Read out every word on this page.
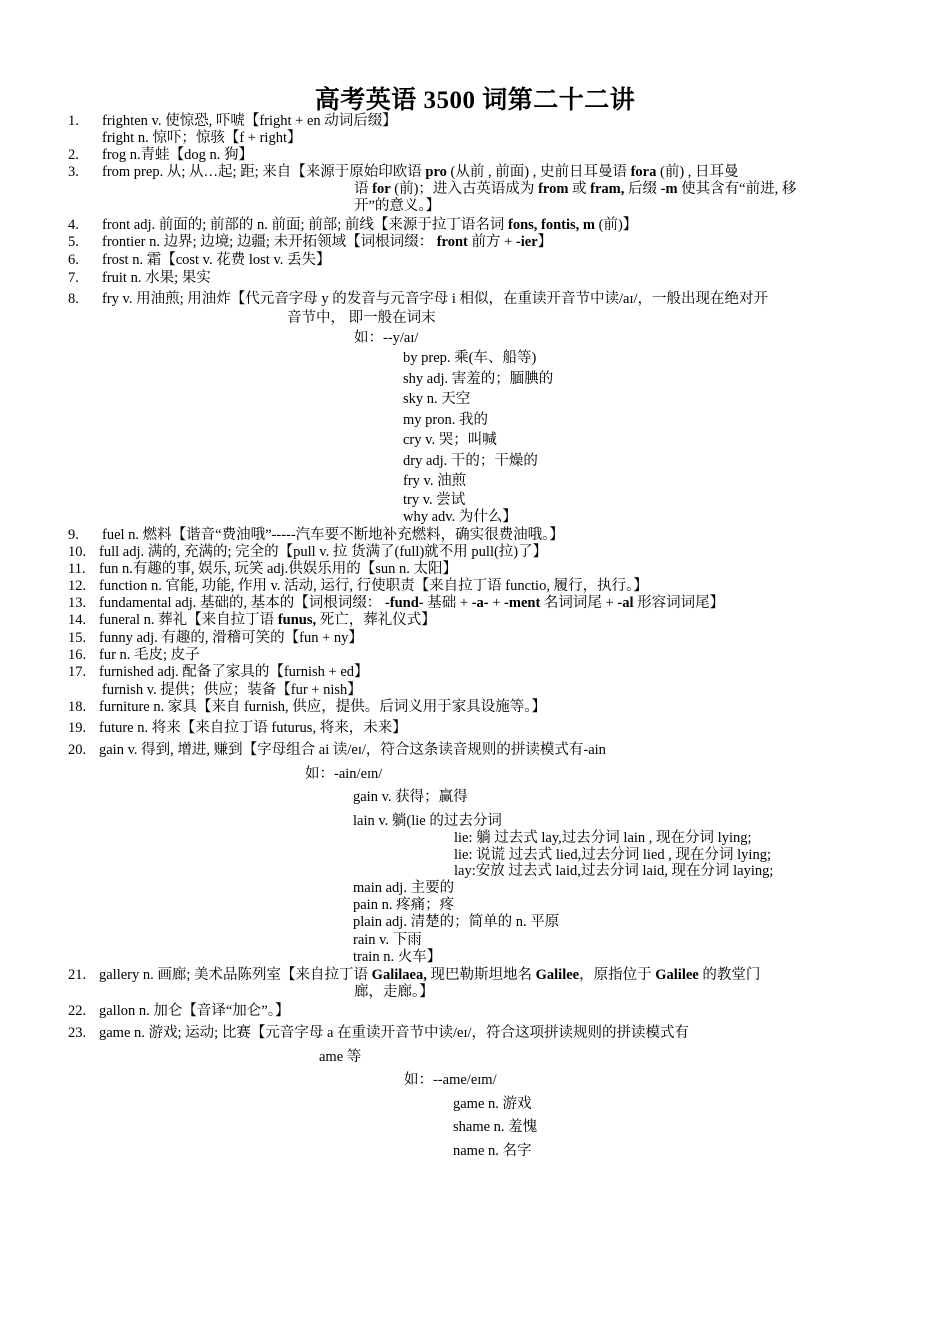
高考英语 3500 词第二十二讲
1. frighten v. 使惊恐, 吓唬【fright + en 动词后缀】
fright n. 惊吓；惊骇【f + right】
2. frog n.青蛙【dog n. 狗】
3. from prep. 从; 从…起; 距; 来自【来源于原始印欧语 pro (从前 , 前面) , 史前日耳曼语 fora (前) , 日耳曼
语 for (前)；进入古英语成为 from 或 fram, 后缀 -m 使其含有“前进, 移
开”的意义。】
4. front adj. 前面的; 前部的 n. 前面; 前部; 前线【来源于拉丁语名词 fons, fontis, m (前)】
5. frontier n. 边界; 边境; 边疆; 未开拓领域【词根词缀： front 前方 + -ier】
6. frost n. 霜【cost v. 花费 lost v. 丢失】
7. fruit n. 水果; 果实
8. fry v. 用油煎; 用油炸【代元音字母 y 的发音与元音字母 i 相似，在重读开音节中读/aɪ/，一般出现在绝对开
音节中， 即一般在词末
如：--y/aɪ/
by prep. 乘(车、船等)
shy adj. 害羞的；腼腆的
sky n. 天空
my pron. 我的
cry v. 哭；叫喊
dry adj. 干的；干燥的
fry v. 油煎
try v. 尝试
why adv. 为什么】
9. fuel n. 燃料【谐音“费油哦”-----汽车要不断地补充燃料，确实很费油哦。】
10. full adj. 满的, 充满的; 完全的【pull v. 拉 货满了(full)就不用 pull(拉)了】
11. fun n.有趣的事, 娱乐, 玩笑 adj.供娱乐用的【sun n. 太阳】
12. function n. 官能, 功能, 作用 v. 活动, 运行, 行使职责【来自拉丁语 functio, 履行，执行。】
13. fundamental adj. 基础的, 基本的【词根词缀： -fund- 基础 + -a- + -ment 名词词尾 + -al 形容词词尾】
14. funeral n. 葬礼【来自拉丁语 funus, 死亡，葬礼仪式】
15. funny adj. 有趣的, 滑稽可笑的【fun + ny】
16. fur n. 毛皮; 皮子
17. furnished adj. 配备了家具的【furnish + ed】
furnish v. 提供；供应；装备【fur + nish】
18. furniture n. 家具【来自 furnish, 供应，提供。后词义用于家具设施等。】
19. future n. 将来【来自拉丁语 futurus, 将来，未来】
20. gain v. 得到, 增进, 赚到【字母组合 ai 读/eɪ/，符合这条读音规则的拼读模式有-ain
如：-ain/eɪn/
gain v. 获得；赢得
lain v. 躺(lie 的过去分词
lie: 躺 过去式 lay,过去分词 lain , 现在分词 lying;
lie: 说谎 过去式 lied,过去分词 lied , 现在分词 lying;
lay:安放 过去式 laid,过去分词 laid, 现在分词 laying;
main adj. 主要的
pain n. 疼痛；疼
plain adj. 清楚的；简单的 n. 平原
rain v. 下雨
train n. 火车】
21. gallery n. 画廊; 美术品陈列室【来自拉丁语 Galilaea, 现巴勒斯坦地名 Galilee，原指位于 Galilee 的教堂门
廊，走廊。】
22. gallon n. 加仑【音译“加仑”。】
23. game n. 游戏; 运动; 比赛【元音字母 a 在重读开音节中读/eɪ/，符合这项拼读规则的拼读模式有
ame 等
如：--ame/eɪm/
game n. 游戏
shame n. 羞愧
name n. 名字
